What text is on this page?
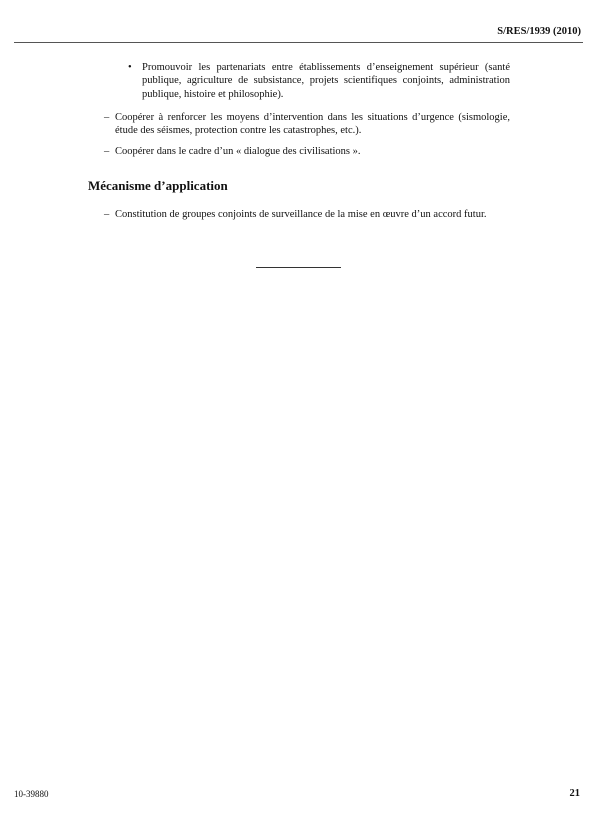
S/RES/1939 (2010)
• Promouvoir les partenariats entre établissements d’enseignement supérieur (santé publique, agriculture de subsistance, projets scientifiques conjoints, administration publique, histoire et philosophie).
– Coopérer à renforcer les moyens d’intervention dans les situations d’urgence (sismologie, étude des séismes, protection contre les catastrophes, etc.).
– Coopérer dans le cadre d’un « dialogue des civilisations ».
Mécanisme d’application
– Constitution de groupes conjoints de surveillance de la mise en œuvre d’un accord futur.
10-39880	21
